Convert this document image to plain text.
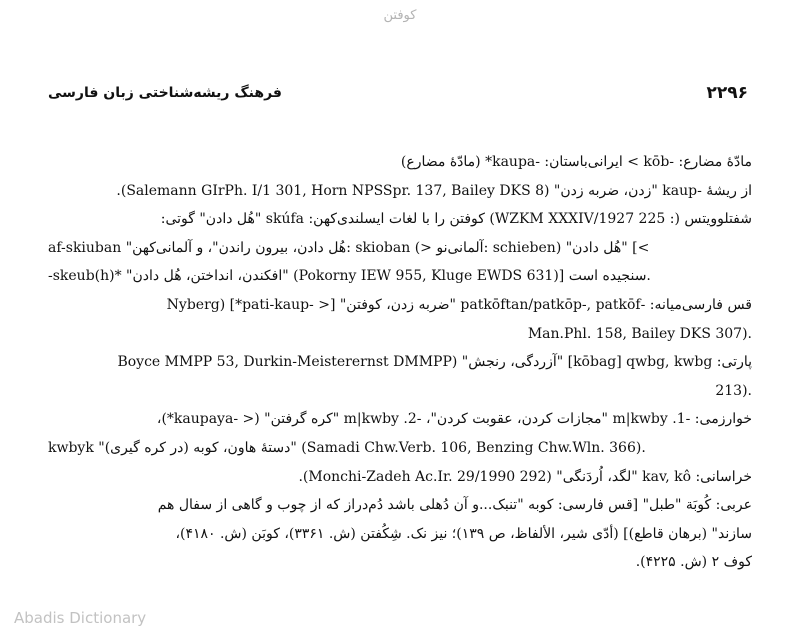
کوفتن
۲۲۹۶
فرهنگ ریشه‌شناختی زبان فارسی
مادّهٔ مضارع: -kōb > ایرانی‌باستان: -kaupa* (مادّهٔ مضارع)
از ریشهٔ -kaup "زدن، ضربه زدن" (Salemann GIrPh. I/1 301, Horn NPSSpr. 137, Bailey DKS 8).
شفتلوویتس (: WZKM XXXIV/1927 225) کوفتن را با لغات ایسلندی‌کهن: skúfa "هُل دادن" گوتی:
af-skiuban "هُل دادن، بیرون راندن"، و آلمانی‌کهن: skioban (> آلمانی‌نو: schieben) "هُل دادن" [<
-skeub(h)* "افکندن، انداختن، هُل دادن" (Pokorny IEW 955, Kluge EWDS 631)] سنجیده است.
قس فارسی‌میانه: -patkōftan/patkōp-, patkōf "ضربه زدن، کوفتن" [< -pati-kaup*] (Nyberg
Man.Phl. 158, Bailey DKS 307).
پارتی: kōbag] qwbg, kwbg] "آزردگی، رنجش" (Boyce MMPP 53, Durkin-Meisterernst DMMPP
213).
خوارزمی: -1. m|kwby "مجازات کردن، عقوبت کردن"، -2. m|kwby "کره گرفتن" (< -kaupaya*)،
kwbyk "دستهٔ هاون، کوبه (در کره گیری)" (Samadi Chw.Verb. 106, Benzing Chw.Wln. 366).
خراسانی: kav, kô "لگد، اُردَنگی" (Monchi-Zadeh Ac.Ir. 29/1990 292).
عربی: کُوبَة "طبل" [قس فارسی: کوبه "تنبک...و آن دُهلی باشد دُم‌دراز که از چوب و گاهی از سفال هم
سازند" (برهان قاطع)] (أدّی شیر، الألفاظ، ص ۱۳۹)؛ نیز نک. شِکُفتن (ش. ۳۳۶۱)، کوبَن (ش. ۴۱۸۰)،
کوف ۲ (ش. ۴۲۲۵).
Abadis Dictionary
